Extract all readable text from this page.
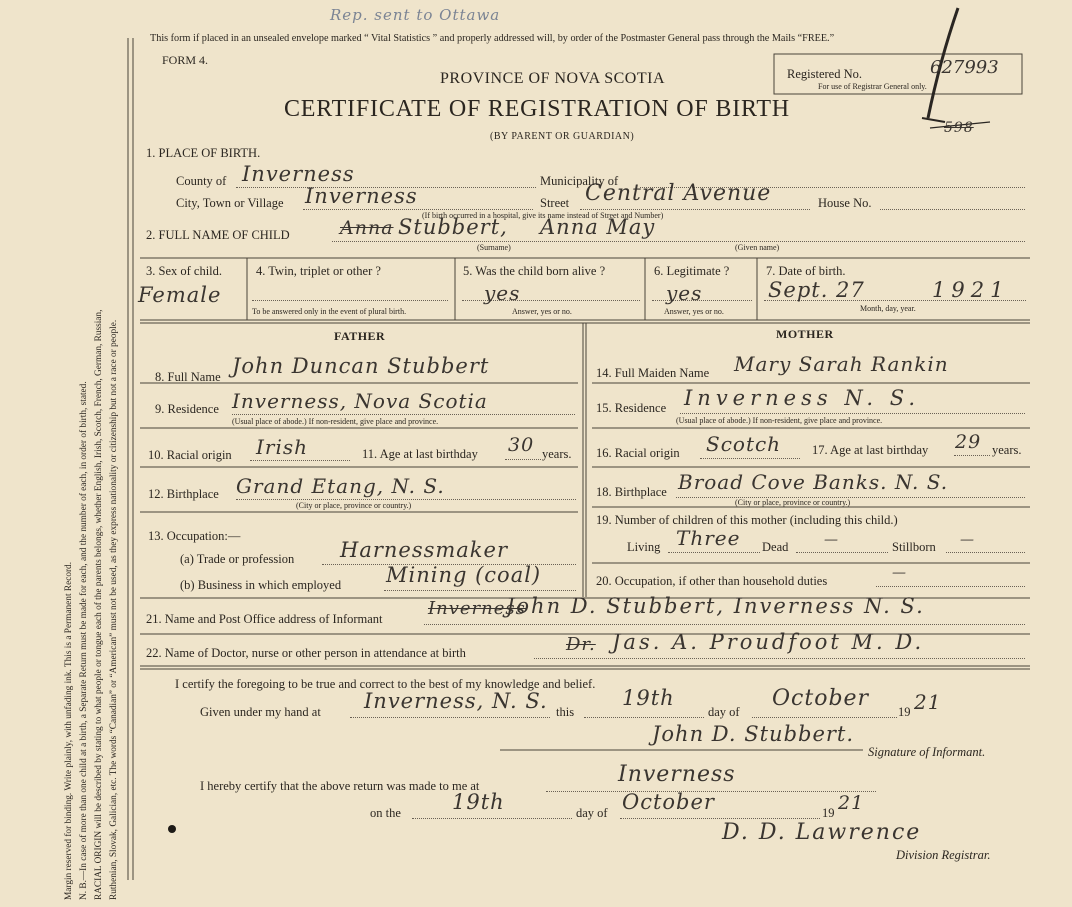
Margin reserved for binding. Write plainly, with unfading ink. This is a Permanent Record. N. B.—In case of more than one child at a birth, a Separate Return must be made for each, and the number of each, in order of birth, stated. RACIAL ORIGIN will be described by stating to what people or tongue each of the parents belongs, whether English, Irish, Scotch, French, German, Russian, Ruthenian, Slovak, Galician, etc. The words “Canadian” or “American” must not be used, as they express nationality or citizenship but not a race or people.
Rep. sent to Ottawa
This form if placed in an unsealed envelope marked “ Vital Statistics ” and properly addressed will, by order of the Postmaster General pass through the Mails “FREE.”
FORM 4.
PROVINCE OF NOVA SCOTIA
CERTIFICATE OF REGISTRATION OF BIRTH
(BY PARENT OR GUARDIAN)
Registered No.	627993
For use of Registrar General only.
598
1. PLACE OF BIRTH.
County of Inverness	Municipality of
City, Town or Village Inverness	Street Central Avenue	House No.
(If birth occurred in a hospital, give its name instead of Street and Number)
2. FULL NAME OF CHILD	Anna Stubbert, Anna May
(Surname)	(Given name)
3. Sex of child.
Female
4. Twin, triplet or other ?
To be answered only in the event of plural birth.
5. Was the child born alive ?
yes
Answer, yes or no.
6. Legitimate ?
yes
Answer, yes or no.
7. Date of birth.
Sept. 27	1921
Month, day, year.
FATHER	MOTHER
8. Full Name John Duncan Stubbert
9. Residence Inverness, Nova Scotia
(Usual place of abode.) If non-resident, give place and province.
10. Racial origin Irish	11. Age at last birthday 30 years.
12. Birthplace Grand Etang, N. S.
(City or place, province or country.)
13. Occupation:—
(a) Trade or profession Harnessmaker
(b) Business in which employed Mining (coal)
14. Full Maiden Name Mary Sarah Rankin
15. Residence Inverness N. S.
(Usual place of abode.) If non-resident, give place and province.
16. Racial origin Scotch 17. Age at last birthday 29 years.
18. Birthplace Broad Cove Banks. N. S.
(City or place, province or country.)
19. Number of children of this mother (including this child.)
Living Three Dead	—	Stillborn —
20. Occupation, if other than household duties	—
21. Name and Post Office address of Informant	Inverness
John D. Stubbert, Inverness N. S.
22. Name of Doctor, nurse or other person in attendance at birth	Dr. Jas. A. Proudfoot M. D.
I certify the foregoing to be true and correct to the best of my knowledge and belief.
Given under my hand at Inverness, N. S. this
19th
day of
October
19 21
John D. Stubbert.
Signature of Informant.
I hereby certify that the above return was made to me at	Inverness
on the 19th	day of October	19 21
D. D. Lawrence
Division Registrar.
